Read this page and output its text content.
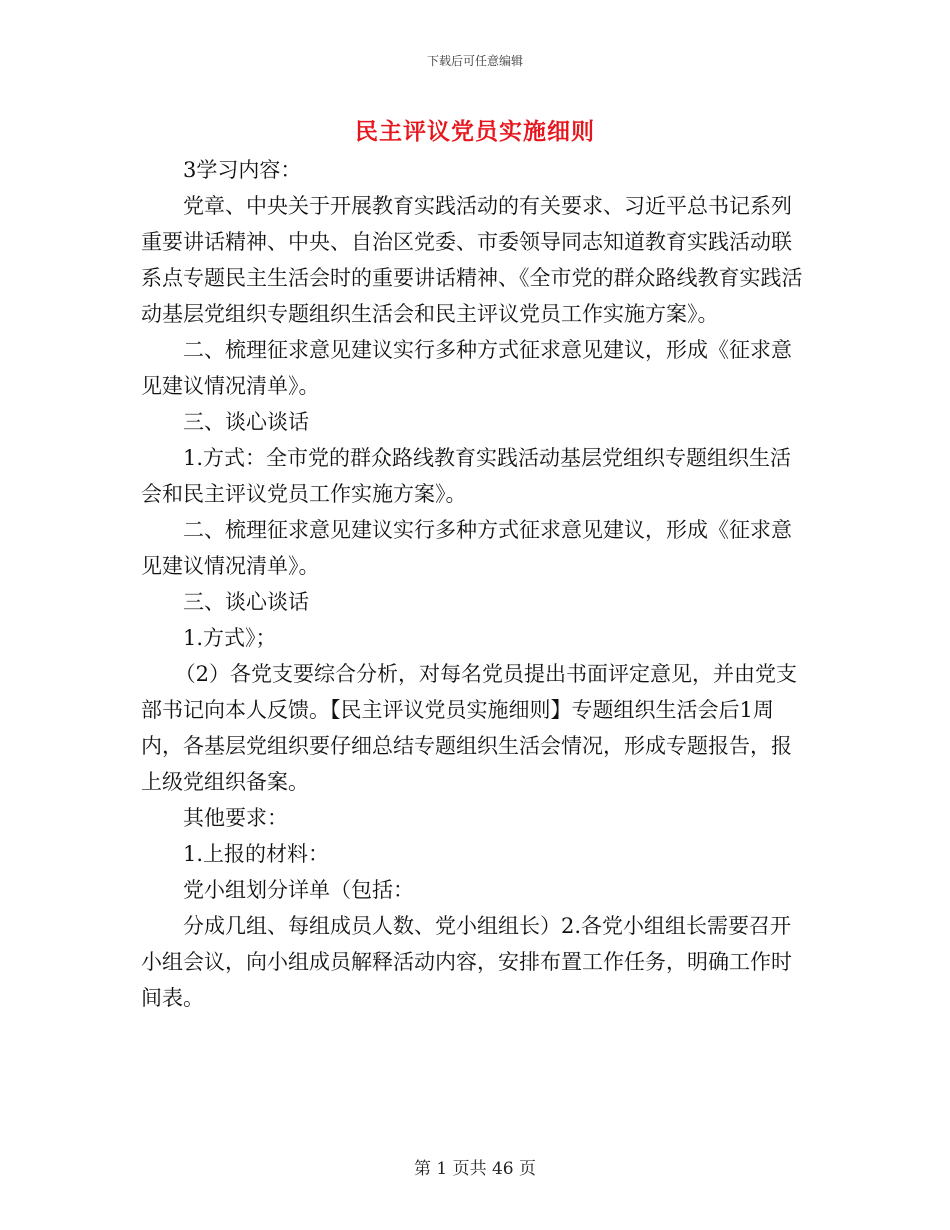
下载后可任意编辑
民主评议党员实施细则

3学习内容：

党章、中央关于开展教育实践活动的有关要求、习近平总书记系列重要讲话精神、中央、自治区党委、市委领导同志知道教育实践活动联系点专题民主生活会时的重要讲话精神、《全市党的群众路线教育实践活动基层党组织专题组织生活会和民主评议党员工作实施方案》。

二、梳理征求意见建议实行多种方式征求意见建议，形成《征求意见建议情况清单》。

三、谈心谈话

1.方式：全市党的群众路线教育实践活动基层党组织专题组织生活会和民主评议党员工作实施方案》。

二、梳理征求意见建议实行多种方式征求意见建议，形成《征求意见建议情况清单》。

三、谈心谈话

1.方式》；

（2）各党支要综合分析，对每名党员提出书面评定意见，并由党支部书记向本人反馈。【民主评议党员实施细则】专题组织生活会后1周内，各基层党组织要仔细总结专题组织生活会情况，形成专题报告，报上级党组织备案。

其他要求：

1.上报的材料：

党小组划分详单（包括：

分成几组、每组成员人数、党小组组长）2.各党小组组长需要召开小组会议，向小组成员解释活动内容，安排布置工作任务，明确工作时间表。

第 1 页共 46 页
